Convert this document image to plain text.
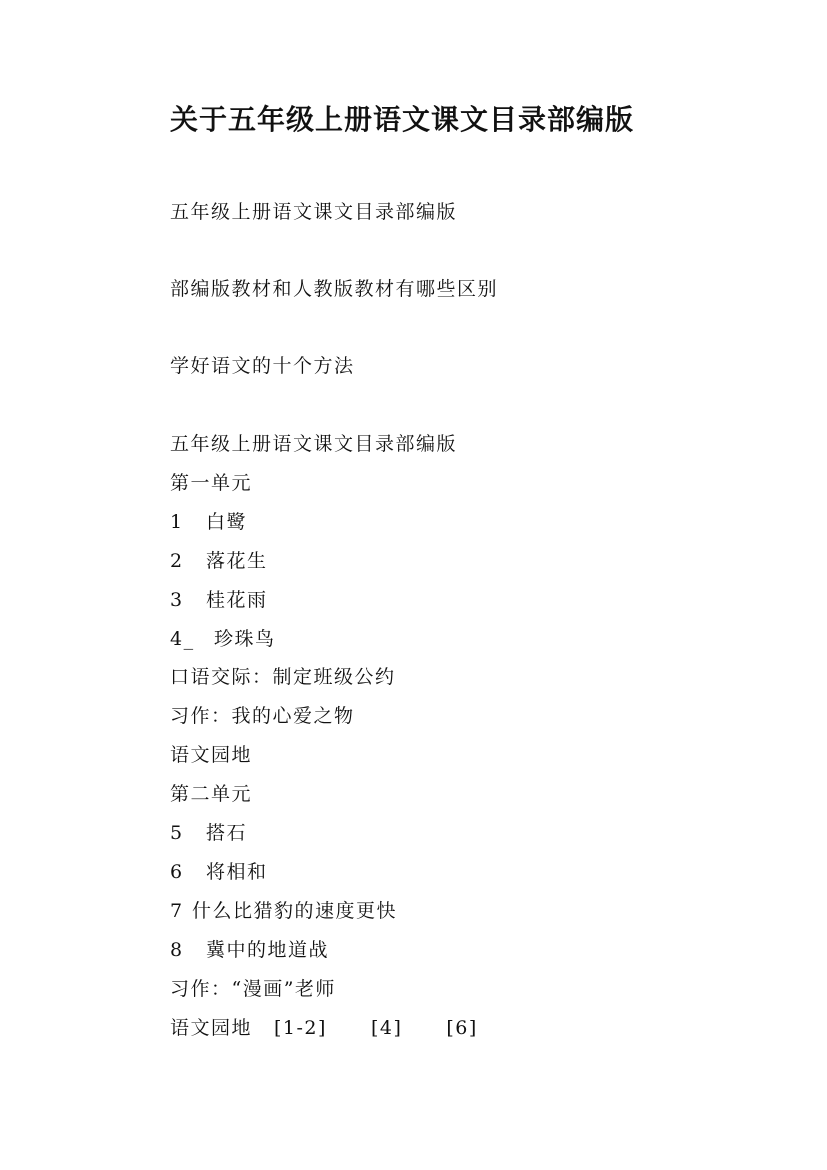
关于五年级上册语文课文目录部编版
五年级上册语文课文目录部编版
部编版教材和人教版教材有哪些区别
学好语文的十个方法
五年级上册语文课文目录部编版
第一单元
1 白鹭
2 落花生
3 桂花雨
4_ 珍珠鸟
口语交际：制定班级公约
习作：我的心爱之物
语文园地
第二单元
5 搭石
6 将相和
7 什么比猎豹的速度更快
8 冀中的地道战
习作：“漫画”老师
语文园地 [1-2] [4] [6]
